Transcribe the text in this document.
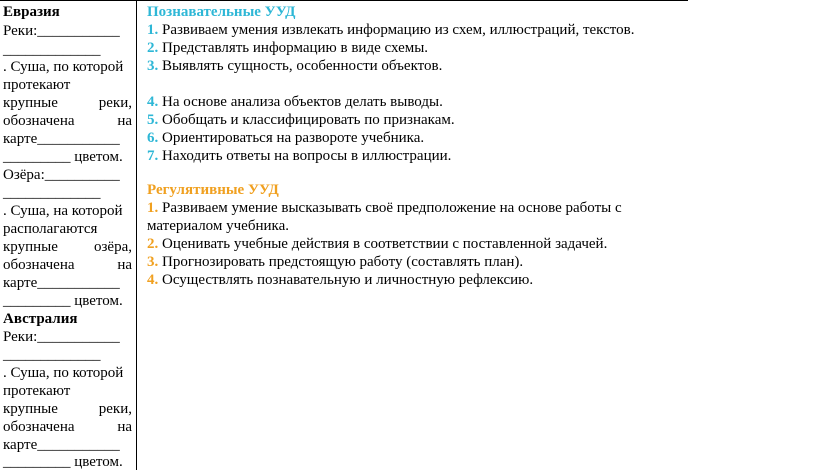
Евразия
Реки:___________
_____________
. Суша, по которой
протекают
крупные	реки,
обозначена	на
карте___________
_________ цветом.
Озёра:__________
_____________
. Суша, на которой
располагаются
крупные озёра,
обозначена	на
карте___________
_________ цветом.
Австралия
Реки:___________
_____________
. Суша, по которой
протекают
крупные	реки,
обозначена	на
карте___________
_________ цветом.
Познавательные УУД
1. Развиваем умения извлекать информацию из схем, иллюстраций, текстов.
2. Представлять информацию в виде схемы.
3. Выявлять сущность, особенности объектов.
4. На основе анализа объектов делать выводы.
5. Обобщать и классифицировать по признакам.
6. Ориентироваться на развороте учебника.
7. Находить ответы на вопросы в иллюстрации.
Регулятивные УУД
1. Развиваем умение высказывать своё предположение на основе работы с
материалом учебника.
2. Оценивать учебные действия в соответствии с поставленной задачей.
3. Прогнозировать предстоящую работу (составлять план).
4. Осуществлять познавательную и личностную рефлексию.
